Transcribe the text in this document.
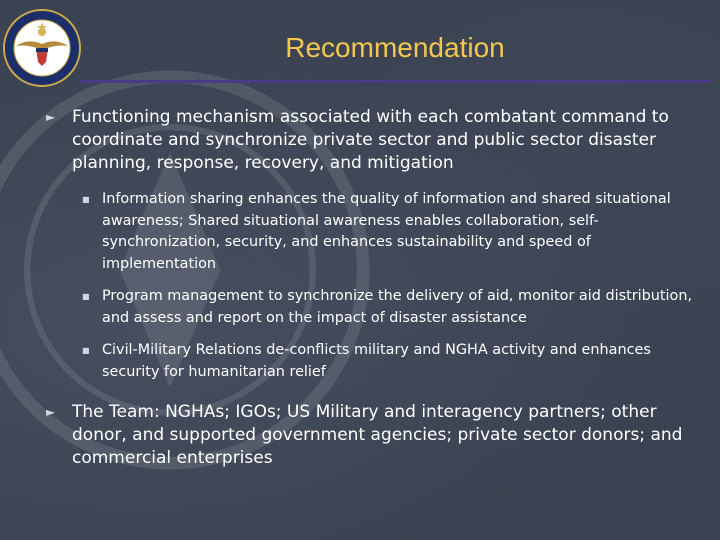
Recommendation
► Functioning mechanism associated with each combatant command to coordinate and synchronize private sector and public sector disaster planning, response, recovery, and mitigation
■ Information sharing enhances the quality of information and shared situational awareness; Shared situational awareness enables collaboration, self-synchronization, security, and enhances sustainability and speed of implementation
■ Program management to synchronize the delivery of aid, monitor aid distribution, and assess and report on the impact of disaster assistance
■ Civil-Military Relations de-conflicts military and NGHA activity and enhances security for humanitarian relief
► The Team: NGHAs; IGOs; US Military and interagency partners; other donor, and supported government agencies; private sector donors; and commercial enterprises
